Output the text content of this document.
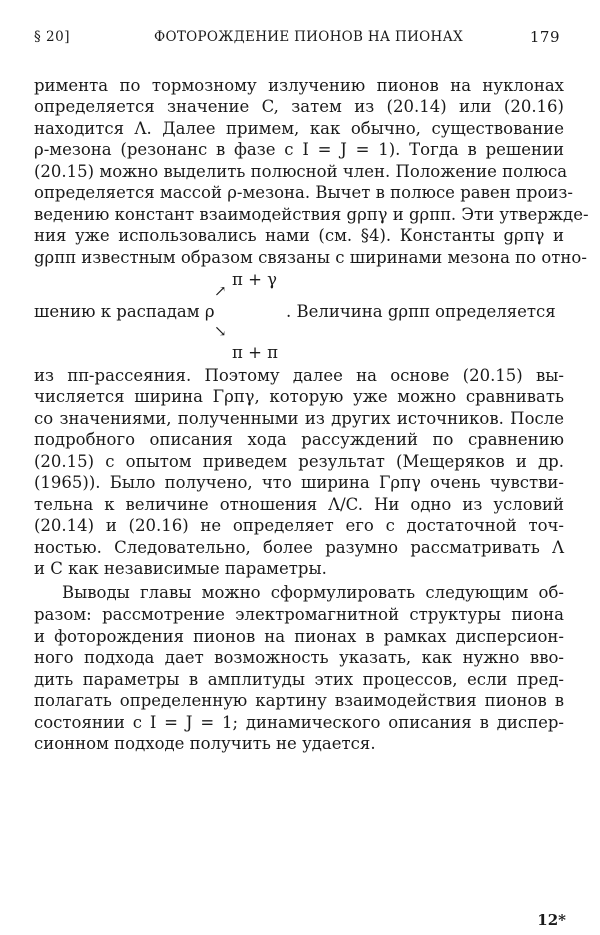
§ 20]	ФОТОРОЖДЕНИЕ ПИОНОВ НА ПИОНАХ	179
римента по тормозному излучению пионов на нуклонах
определяется значение C, затем из (20.14) или (20.16)
находится Λ. Далее примем, как обычно, существование
ρ-мезона (резонанс в фазе с I = J = 1). Тогда в решении
(20.15) можно выделить полюсной член. Положение полюса
определяется массой ρ-мезона. Вычет в полюсе равен произ-
ведению констант взаимодействия gρπγ и gρππ. Эти утвержде-
ния уже использовались нами (см. §4). Константы gρπγ и
gρππ известным образом связаны с ширинами мезона по отно-
π + γ
↗
шению к распадам ρ	. Величина gρππ определяется
↘
π + π
из ππ-рассеяния. Поэтому далее на основе (20.15) вы-
числяется ширина Γρπγ, которую уже можно сравнивать
со значениями, полученными из других источников. После
подробного описания хода рассуждений по сравнению
(20.15) с опытом приведем результат (Мещеряков и др.
(1965)). Было получено, что ширина Γρπγ очень чувстви-
тельна к величине отношения Λ/C. Ни одно из условий
(20.14) и (20.16) не определяет его с достаточной точ-
ностью. Следовательно, более разумно рассматривать Λ
и C как независимые параметры.
Выводы главы можно сформулировать следующим об-
разом: рассмотрение электромагнитной структуры пиона
и фоторождения пионов на пионах в рамках дисперсион-
ного подхода дает возможность указать, как нужно вво-
дить параметры в амплитуды этих процессов, если пред-
полагать определенную картину взаимодействия пионов в
состоянии с I = J = 1; динамического описания в диспер-
сионном подходе получить не удается.
12*
